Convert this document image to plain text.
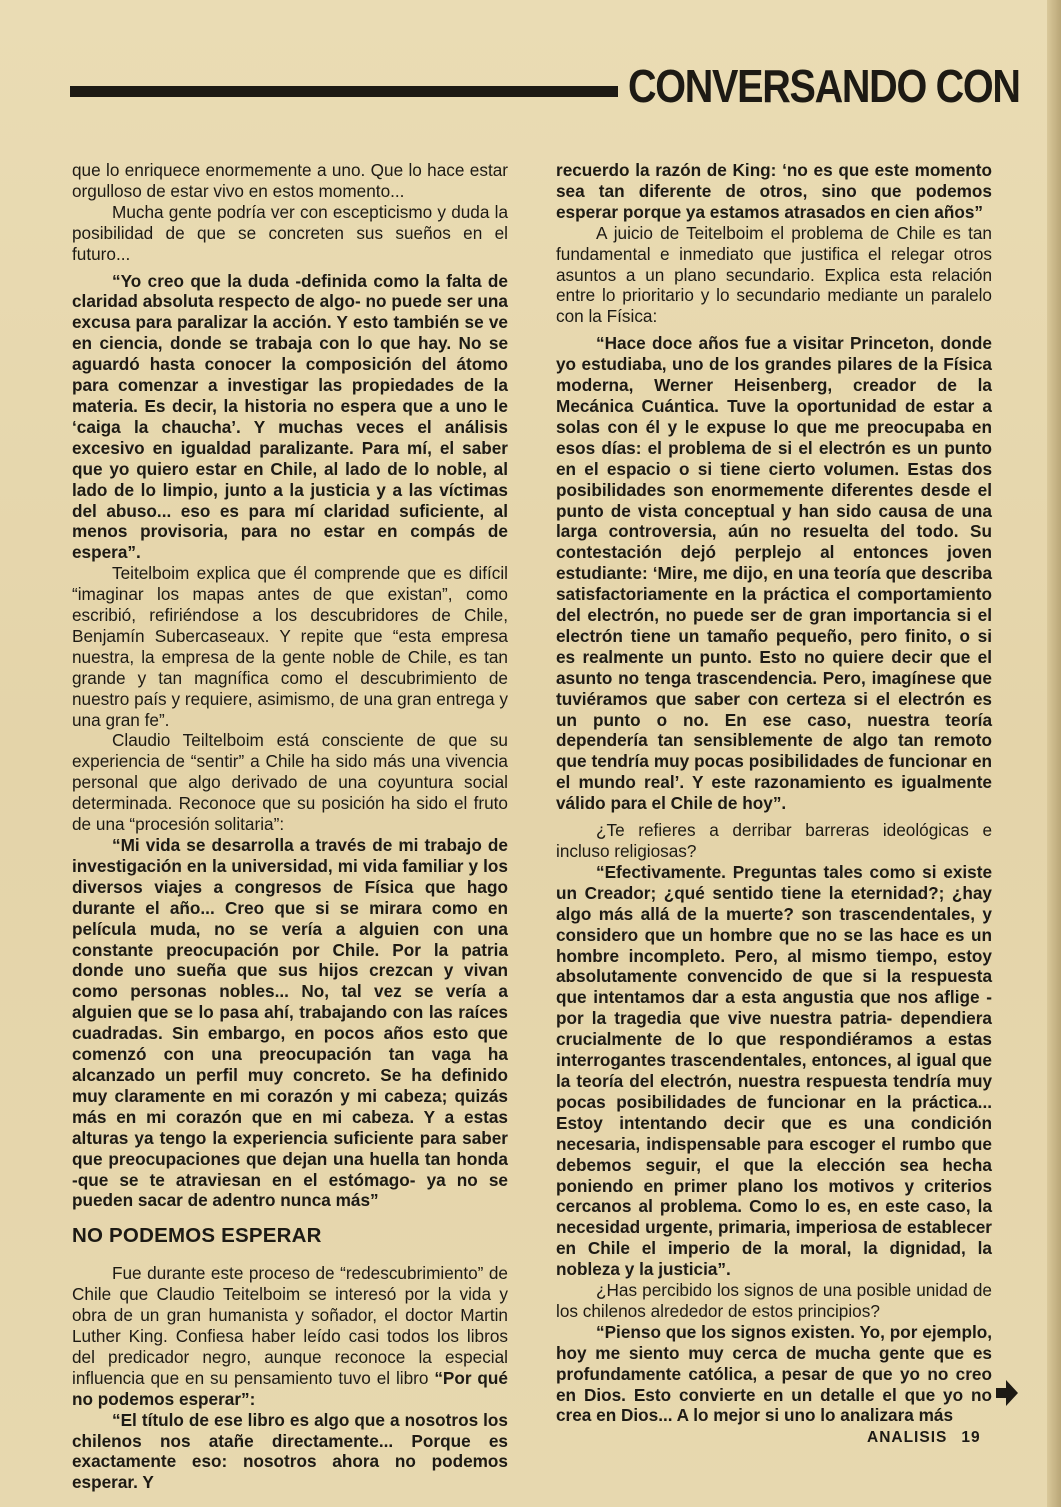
CONVERSANDO CON

que lo enriquece enormemente a uno. Que lo hace estar orgulloso de estar vivo en estos momento...

Mucha gente podría ver con escepticismo y duda la posibilidad de que se concreten sus sueños en el futuro...

“Yo creo que la duda -definida como la falta de claridad absoluta respecto de algo- no puede ser una excusa para paralizar la acción. Y esto también se ve en ciencia, donde se trabaja con lo que hay. No se aguardó hasta conocer la composición del átomo para comenzar a investigar las propiedades de la materia. Es decir, la historia no espera que a uno le ‘caiga la chaucha’. Y muchas veces el análisis excesivo en igualdad paralizante. Para mí, el saber que yo quiero estar en Chile, al lado de lo noble, al lado de lo limpio, junto a la justicia y a las víctimas del abuso... eso es para mí claridad suficiente, al menos provisoria, para no estar en compás de espera”.

Teitelboim explica que él comprende que es difícil “imaginar los mapas antes de que existan”, como escribió, refiriéndose a los descubridores de Chile, Benjamín Subercaseaux. Y repite que “esta empresa nuestra, la empresa de la gente noble de Chile, es tan grande y tan magnífica como el descubrimiento de nuestro país y requiere, asimismo, de una gran entrega y una gran fe”.

Claudio Teiltelboim está consciente de que su experiencia de “sentir” a Chile ha sido más una vivencia personal que algo derivado de una coyuntura social determinada. Reconoce que su posición ha sido el fruto de una “procesión solitaria”:

“Mi vida se desarrolla a través de mi trabajo de investigación en la universidad, mi vida familiar y los diversos viajes a congresos de Física que hago durante el año... Creo que si se mirara como en película muda, no se vería a alguien con una constante preocupación por Chile. Por la patria donde uno sueña que sus hijos crezcan y vivan como personas nobles... No, tal vez se vería a alguien que se lo pasa ahí, trabajando con las raíces cuadradas. Sin embargo, en pocos años esto que comenzó con una preocupación tan vaga ha alcanzado un perfil muy concreto. Se ha definido muy claramente en mi corazón y mi cabeza; quizás más en mi corazón que en mi cabeza. Y a estas alturas ya tengo la experiencia suficiente para saber que preocupaciones que dejan una huella tan honda -que se te atraviesan en el estómago- ya no se pueden sacar de adentro nunca más”

NO PODEMOS ESPERAR

Fue durante este proceso de “redescubrimiento” de Chile que Claudio Teitelboim se interesó por la vida y obra de un gran humanista y soñador, el doctor Martin Luther King. Confiesa haber leído casi todos los libros del predicador negro, aunque reconoce la especial influencia que en su pensamiento tuvo el libro “Por qué no podemos esperar”:

“El título de ese libro es algo que a nosotros los chilenos nos atañe directamente... Porque es exactamente eso: nosotros ahora no podemos esperar. Y

recuerdo la razón de King: ‘no es que este momento sea tan diferente de otros, sino que podemos esperar porque ya estamos atrasados en cien años”

A juicio de Teitelboim el problema de Chile es tan fundamental e inmediato que justifica el relegar otros asuntos a un plano secundario. Explica esta relación entre lo prioritario y lo secundario mediante un paralelo con la Física:

“Hace doce años fue a visitar Princeton, donde yo estudiaba, uno de los grandes pilares de la Física moderna, Werner Heisenberg, creador de la Mecánica Cuántica. Tuve la oportunidad de estar a solas con él y le expuse lo que me preocupaba en esos días: el problema de si el electrón es un punto en el espacio o si tiene cierto volumen. Estas dos posibilidades son enormemente diferentes desde el punto de vista conceptual y han sido causa de una larga controversia, aún no resuelta del todo. Su contestación dejó perplejo al entonces joven estudiante: ‘Mire, me dijo, en una teoría que describa satisfactoriamente en la práctica el comportamiento del electrón, no puede ser de gran importancia si el electrón tiene un tamaño pequeño, pero finito, o si es realmente un punto. Esto no quiere decir que el asunto no tenga trascendencia. Pero, imagínese que tuviéramos que saber con certeza si el electrón es un punto o no. En ese caso, nuestra teoría dependería tan sensiblemente de algo tan remoto que tendría muy pocas posibilidades de funcionar en el mundo real’. Y este razonamiento es igualmente válido para el Chile de hoy”.

¿Te refieres a derribar barreras ideológicas e incluso religiosas?

“Efectivamente. Preguntas tales como si existe un Creador; ¿qué sentido tiene la eternidad?; ¿hay algo más allá de la muerte? son trascendentales, y considero que un hombre que no se las hace es un hombre incompleto. Pero, al mismo tiempo, estoy absolutamente convencido de que si la respuesta que intentamos dar a esta angustia que nos aflige -por la tragedia que vive nuestra patria- dependiera crucialmente de lo que respondiéramos a estas interrogantes trascendentales, entonces, al igual que la teoría del electrón, nuestra respuesta tendría muy pocas posibilidades de funcionar en la práctica... Estoy intentando decir que es una condición necesaria, indispensable para escoger el rumbo que debemos seguir, el que la elección sea hecha poniendo en primer plano los motivos y criterios cercanos al problema. Como lo es, en este caso, la necesidad urgente, primaria, imperiosa de establecer en Chile el imperio de la moral, la dignidad, la nobleza y la justicia”.

¿Has percibido los signos de una posible unidad de los chilenos alrededor de estos principios?

“Pienso que los signos existen. Yo, por ejemplo, hoy me siento muy cerca de mucha gente que es profundamente católica, a pesar de que yo no creo en Dios. Esto convierte en un detalle el que yo no crea en Dios... A lo mejor si uno lo analizara más

ANALISIS 19
